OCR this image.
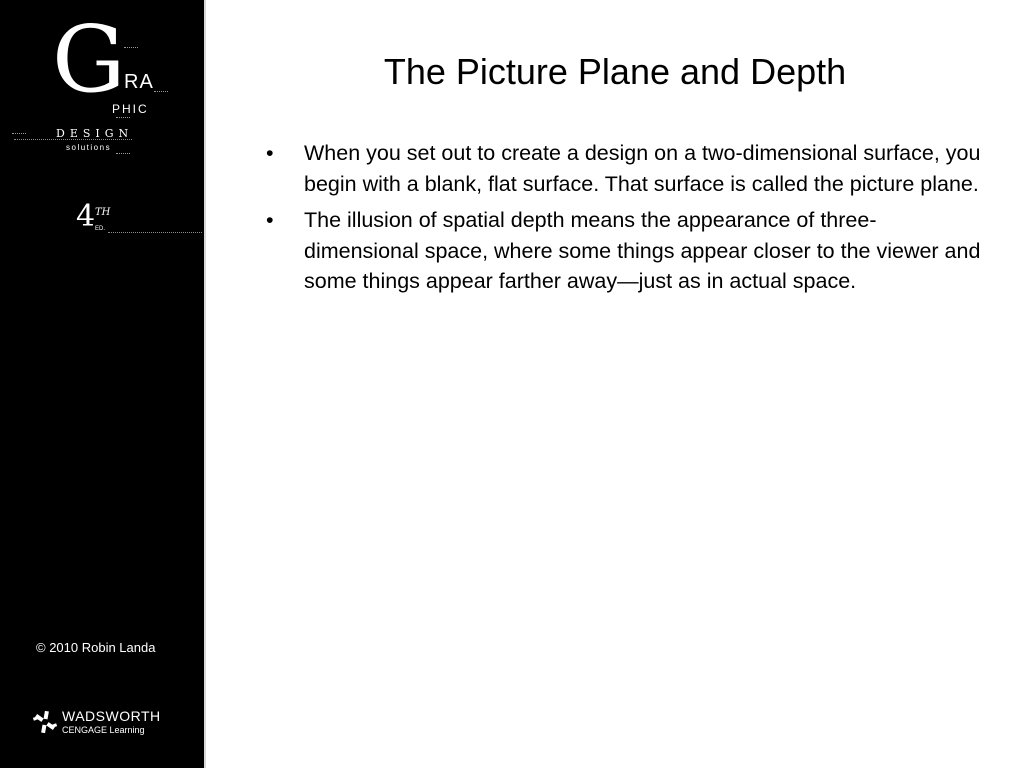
G
RA
PHIC
DESIGN
solutions
4 TH
ED.
© 2010 Robin Landa
WADSWORTH
CENGAGE Learning
The Picture Plane and Depth
• When you set out to create a design on a two-dimensional surface, you begin with a blank, flat surface. That surface is called the picture plane.
• The illusion of spatial depth means the appearance of three-dimensional space, where some things appear closer to the viewer and some things appear farther away—just as in actual space.
